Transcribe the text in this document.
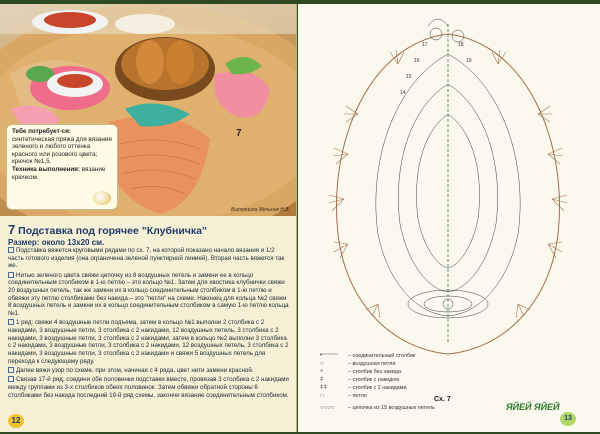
7
Выполнила Мельник Н.В.

Тебе потребует-ся: синтетическая пряжа для вязания зеленого и любого оттенка красного или розового цвета; крючок №1,5.

Техника выполнения: вязание крючком.

7 Подставка под горячее "Клубничка"

Размер: около 13х20 см.

Подставка вяжется круговыми рядами по сх. 7, на которой показано начало вязания и 1/2 часть готового изделия (она ограничена зеленой пунктирной линией). Вторая часть вяжется так же.

Нитью зеленого цвета свяжи цепочку из 8 воздушных петель и замкни ее в кольцо соединительным столбиком в 1-ю петлю – это кольцо №1. Затем для хвостика клубнички свяжи 20 воздушных петель, так же замкни их в кольцо соединительным столбиком в 1-ю петлю и обвяжи эту петлю столбиками без накида – это "петля" на схеме. Наконец для кольца №2 свяжи 8 воздушных петель и замкни их в кольцо соединительным столбиком в самую 1-ю петлю кольца №1.

1 ряд: свяжи 4 воздушные петли подъема, затем в кольцо №1 выполни 2 столбика с 2 накидами, 3 воздушные петли, 3 столбика с 2 накидами, 12 воздушных петель, 3 столбика с 2 накидами, 3 воздушные петли, 3 столбика с 2 накидами, затем в кольцо №2 выполни 3 столбика с 2 накидами, 3 воздушные петли, 3 столбика с 2 накидами, 12 воздушных петель, 3 столбика с 2 накидами, 3 воздушные петли, 3 столбика с 2 накидами и свяжи 5 воздушных петель для перехода к следующему ряду.

Далее вяжи узор по схеме, при этом, начиная с 4 ряда, цвет нити замени красной.

Связав 17-й ряд, соедини обе половинки подставки вместе, провязав 3 столбика с 2 накидами между группами из 3-х столбиков обеих половинок. Затем обвяжи обратной стороны 6 столбиками без накида последний 19-й ряд схемы, закончи вязание соединительным столбиком.

12
17
16
15
14
18
19
•	– соединительный столбик
○	– воздушная петля
+	– столбик без накида
ǂ	– столбик с накидом
ǂǂ	– столбик с 2 накидами
∩	– петля
○○○○	– цепочка из 15 воздушных петель
Сх. 7
ЯЙЕЙ ЯЙЕЙ
13
